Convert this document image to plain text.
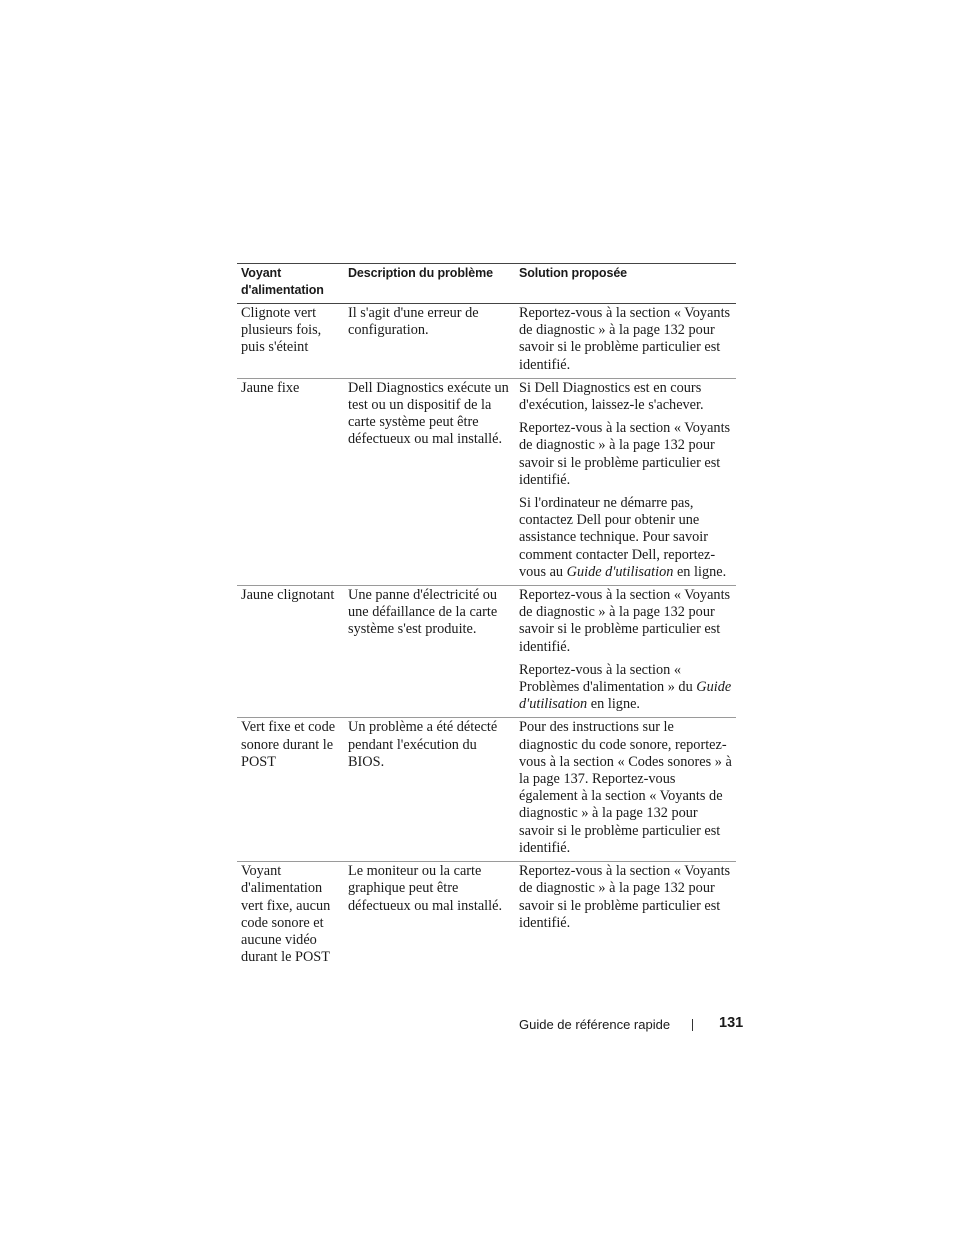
Voyant d'alimentation	Description du problème	Solution proposée
Clignote vert plusieurs fois, puis s'éteint	Il s'agit d'une erreur de configuration.	Reportez-vous à la section « Voyants de diagnostic » à la page 132 pour savoir si le problème particulier est identifié.

Jaune fixe	Dell Diagnostics exécute un test ou un dispositif de la carte système peut être défectueux ou mal installé.	Si Dell Diagnostics est en cours d'exécution, laissez-le s'achever.

Reportez-vous à la section « Voyants de diagnostic » à la page 132 pour savoir si le problème particulier est identifié.

Si l'ordinateur ne démarre pas, contactez Dell pour obtenir une assistance technique. Pour savoir comment contacter Dell, reportez-vous au Guide d'utilisation en ligne.

Jaune clignotant	Une panne d'électricité ou une défaillance de la carte système s'est produite.	Reportez-vous à la section « Voyants de diagnostic » à la page 132 pour savoir si le problème particulier est identifié.

Reportez-vous à la section « Problèmes d'alimentation » du Guide d'utilisation en ligne.

Vert fixe et code sonore durant le POST	Un problème a été détecté pendant l'exécution du BIOS.	Pour des instructions sur le diagnostic du code sonore, reportez-vous à la section « Codes sonores » à la page 137. Reportez-vous également à la section « Voyants de diagnostic » à la page 132 pour savoir si le problème particulier est identifié.

Voyant d'alimentation vert fixe, aucun code sonore et aucune vidéo durant le POST	Le moniteur ou la carte graphique peut être défectueux ou mal installé.	Reportez-vous à la section « Voyants de diagnostic » à la page 132 pour savoir si le problème particulier est identifié.

Guide de référence rapide	131
